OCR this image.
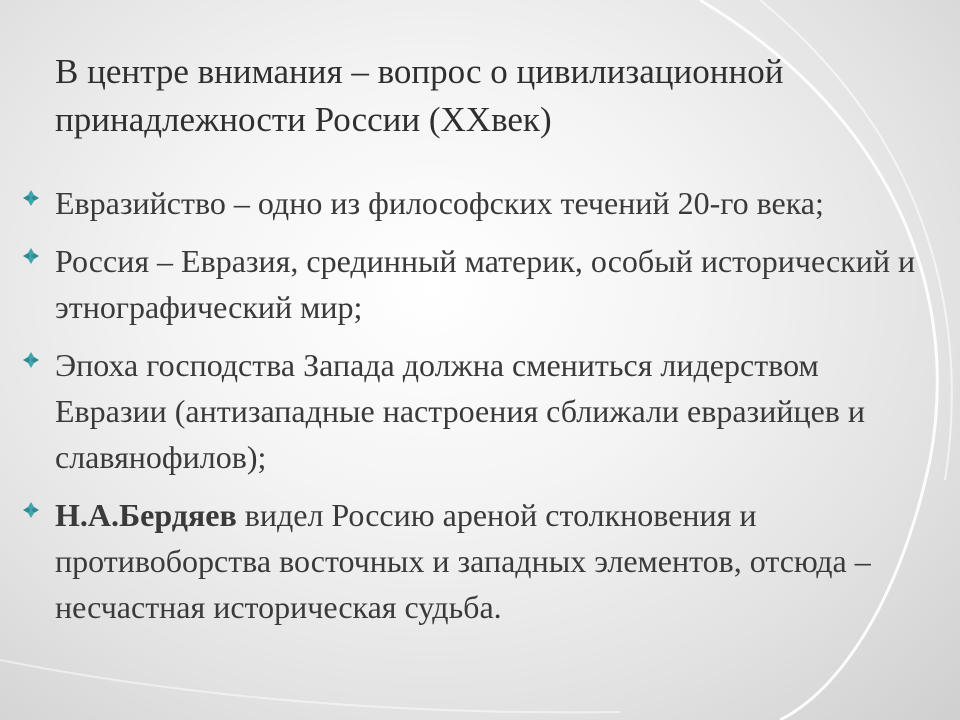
В центре внимания – вопрос о цивилизационной принадлежности России (XXвек)
Евразийство – одно из философских течений 20-го века;
Россия – Евразия, срединный материк, особый исторический и этнографический мир;
Эпоха господства Запада должна смениться лидерством Евразии (антизападные настроения сближали евразийцев и славянофилов);
Н.А.Бердяев видел Россию ареной столкновения и противоборства восточных и западных элементов, отсюда – несчастная историческая судьба.
